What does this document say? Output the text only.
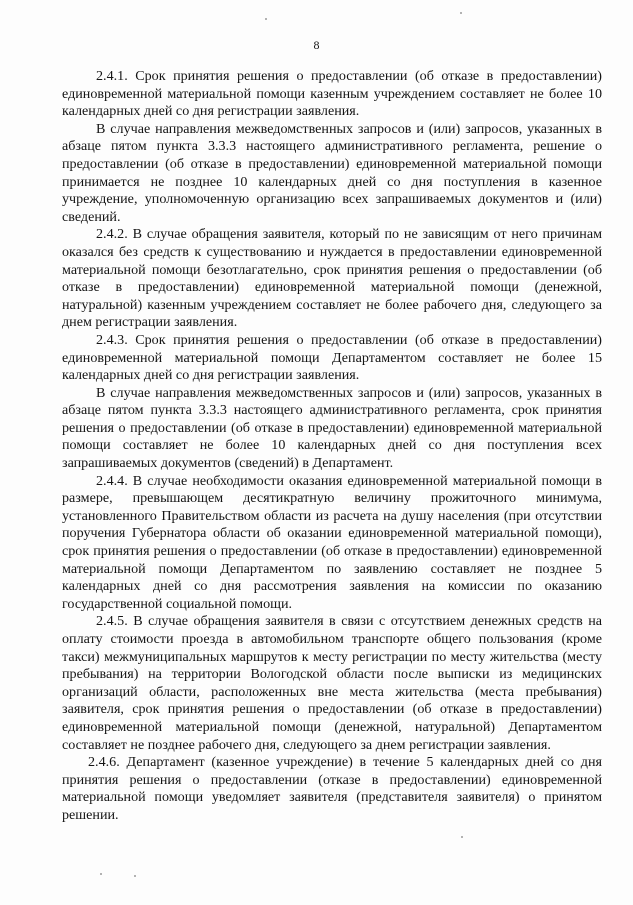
8

2.4.1. Срок принятия решения о предоставлении (об отказе в предоставлении) единовременной материальной помощи казенным учреждением составляет не более 10 календарных дней со дня регистрации заявления.

В случае направления межведомственных запросов и (или) запросов, указанных в абзаце пятом пункта 3.3.3 настоящего административного регламента, решение о предоставлении (об отказе в предоставлении) единовременной материальной помощи принимается не позднее 10 календарных дней со дня поступления в казенное учреждение, уполномоченную организацию всех запрашиваемых документов и (или) сведений.

2.4.2. В случае обращения заявителя, который по не зависящим от него причинам оказался без средств к существованию и нуждается в предоставлении единовременной материальной помощи безотлагательно, срок принятия решения о предоставлении (об отказе в предоставлении) единовременной материальной помощи (денежной, натуральной) казенным учреждением составляет не более рабочего дня, следующего за днем регистрации заявления.

2.4.3. Срок принятия решения о предоставлении (об отказе в предоставлении) единовременной материальной помощи Департаментом составляет не более 15 календарных дней со дня регистрации заявления.

В случае направления межведомственных запросов и (или) запросов, указанных в абзаце пятом пункта 3.3.3 настоящего административного регламента, срок принятия решения о предоставлении (об отказе в предоставлении) единовременной материальной помощи составляет не более 10 календарных дней со дня поступления всех запрашиваемых документов (сведений) в Департамент.

2.4.4. В случае необходимости оказания единовременной материальной помощи в размере, превышающем десятикратную величину прожиточного минимума, установленного Правительством области из расчета на душу населения (при отсутствии поручения Губернатора области об оказании единовременной материальной помощи), срок принятия решения о предоставлении (об отказе в предоставлении) единовременной материальной помощи Департаментом по заявлению составляет не позднее 5 календарных дней со дня рассмотрения заявления на комиссии по оказанию государственной социальной помощи.

2.4.5. В случае обращения заявителя в связи с отсутствием денежных средств на оплату стоимости проезда в автомобильном транспорте общего пользования (кроме такси) межмуниципальных маршрутов к месту регистрации по месту жительства (месту пребывания) на территории Вологодской области после выписки из медицинских организаций области, расположенных вне места жительства (места пребывания) заявителя, срок принятия решения о предоставлении (об отказе в предоставлении) единовременной материальной помощи (денежной, натуральной) Департаментом составляет не позднее рабочего дня, следующего за днем регистрации заявления.

2.4.6. Департамент (казенное учреждение) в течение 5 календарных дней со дня принятия решения о предоставлении (отказе в предоставлении) единовременной материальной помощи уведомляет заявителя (представителя заявителя) о принятом решении.
